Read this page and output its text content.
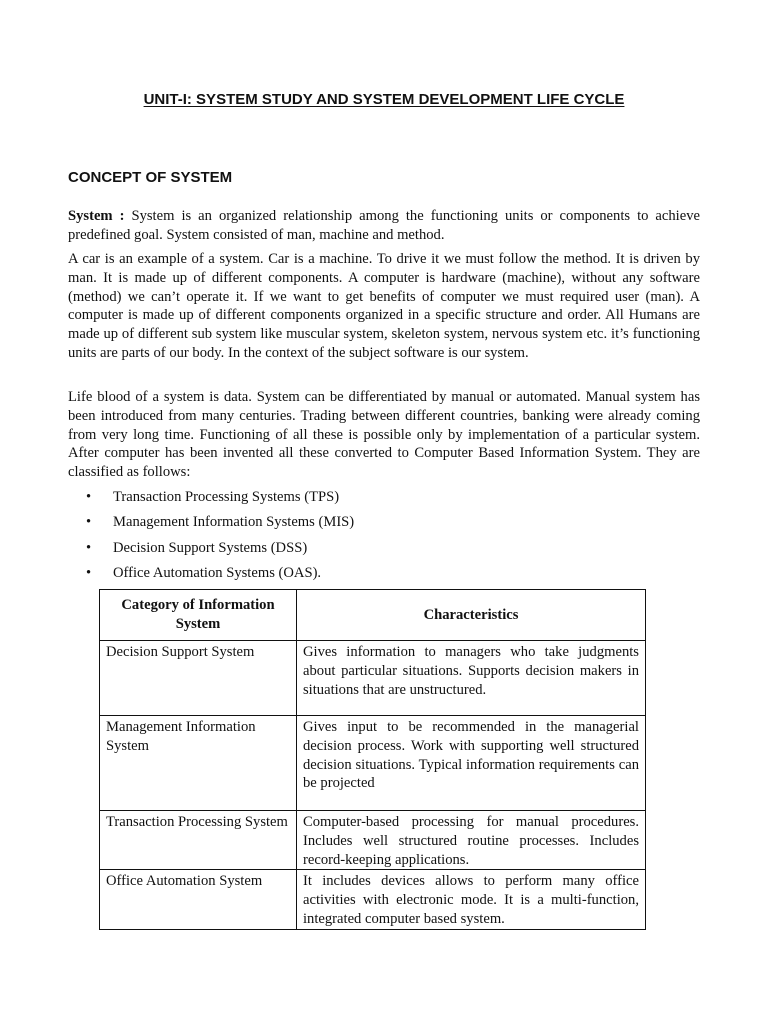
UNIT-I: SYSTEM STUDY AND SYSTEM DEVELOPMENT LIFE CYCLE
CONCEPT OF SYSTEM

System : System is an organized relationship among the functioning units or components to achieve predefined goal. System consisted of man, machine and method.

A car is an example of a system. Car is a machine. To drive it we must follow the method. It is driven by man. It is made up of different components. A computer is hardware (machine), without any software (method) we can’t operate it. If we want to get benefits of computer we must required user (man). A computer is made up of different components organized in a specific structure and order. All Humans are made up of different sub system like muscular system, skeleton system, nervous system etc. it’s functioning units are parts of our body. In the context of the subject software is our system.

Life blood of a system is data. System can be differentiated by manual or automated. Manual system has been introduced from many centuries. Trading between different countries, banking were already coming from very long time. Functioning of all these is possible only by implementation of a particular system. After computer has been invented all these converted to Computer Based Information System. They are classified as follows:

•	Transaction Processing Systems (TPS)
•	Management Information Systems (MIS)
•	Decision Support Systems (DSS)
•	Office Automation Systems (OAS).
Category of Information System	Characteristics
Decision Support System	Gives information to managers who take judgments about particular situations. Supports decision makers in situations that are unstructured.
Management Information System	Gives input to be recommended in the managerial decision process. Work with supporting well structured decision situations. Typical information requirements can be projected
Transaction Processing System	Computer-based processing for manual procedures. Includes well structured routine processes. Includes record-keeping applications.
Office Automation System	It includes devices allows to perform many office activities with electronic mode. It is a multi-function, integrated computer based system.
